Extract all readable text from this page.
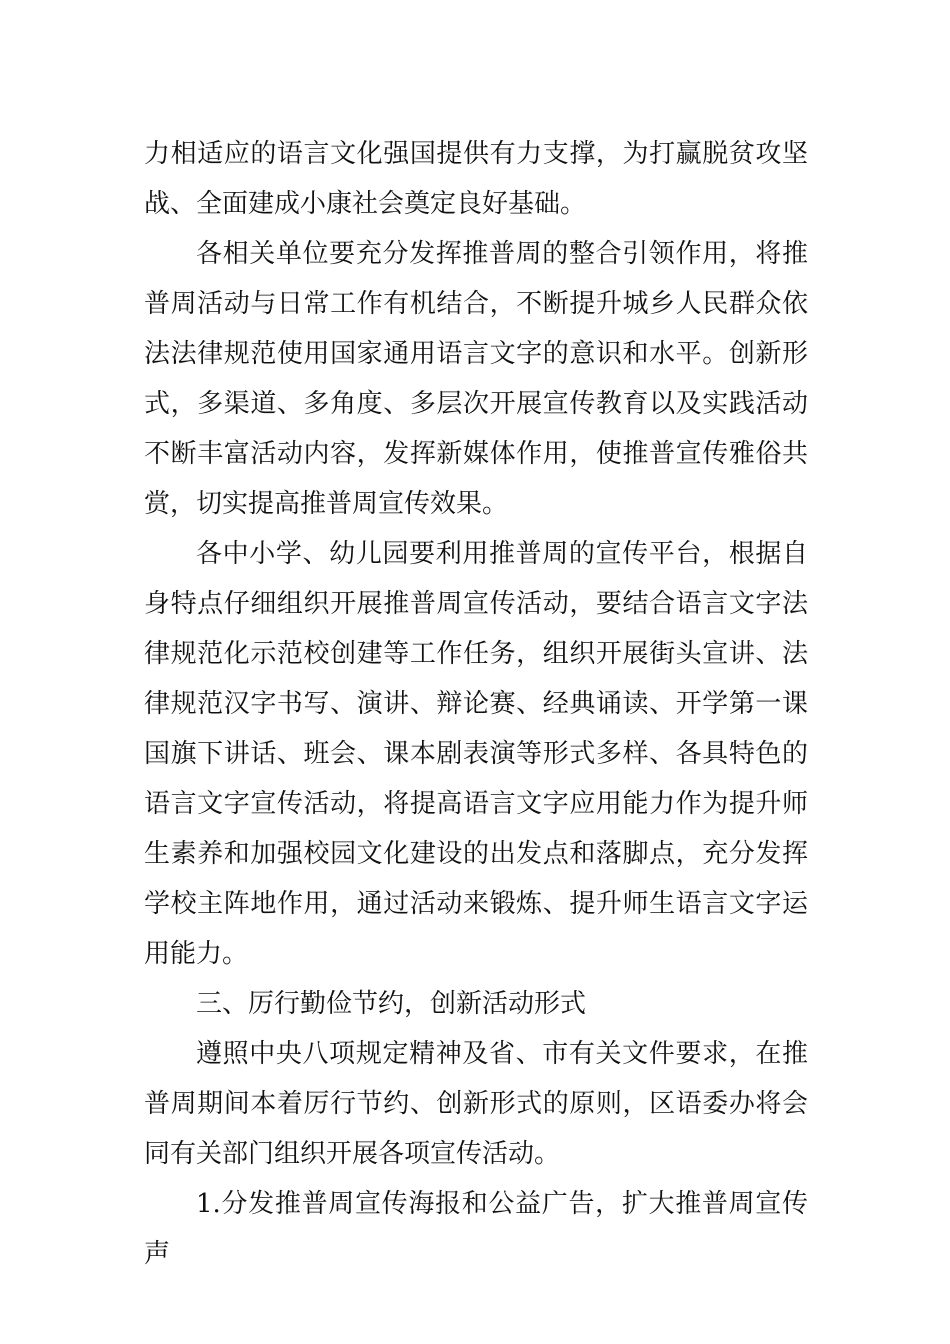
力相适应的语言文化强国提供有力支撑，为打赢脱贫攻坚战、全面建成小康社会奠定良好基础。

各相关单位要充分发挥推普周的整合引领作用，将推普周活动与日常工作有机结合，不断提升城乡人民群众依法法律规范使用国家通用语言文字的意识和水平。创新形式，多渠道、多角度、多层次开展宣传教育以及实践活动不断丰富活动内容，发挥新媒体作用，使推普宣传雅俗共赏，切实提高推普周宣传效果。

各中小学、幼儿园要利用推普周的宣传平台，根据自身特点仔细组织开展推普周宣传活动，要结合语言文字法律规范化示范校创建等工作任务，组织开展街头宣讲、法律规范汉字书写、演讲、辩论赛、经典诵读、开学第一课国旗下讲话、班会、课本剧表演等形式多样、各具特色的语言文字宣传活动，将提高语言文字应用能力作为提升师生素养和加强校园文化建设的出发点和落脚点，充分发挥学校主阵地作用，通过活动来锻炼、提升师生语言文字运用能力。

三、厉行勤俭节约，创新活动形式

遵照中央八项规定精神及省、市有关文件要求，在推普周期间本着厉行节约、创新形式的原则，区语委办将会同有关部门组织开展各项宣传活动。

1.分发推普周宣传海报和公益广告，扩大推普周宣传声
